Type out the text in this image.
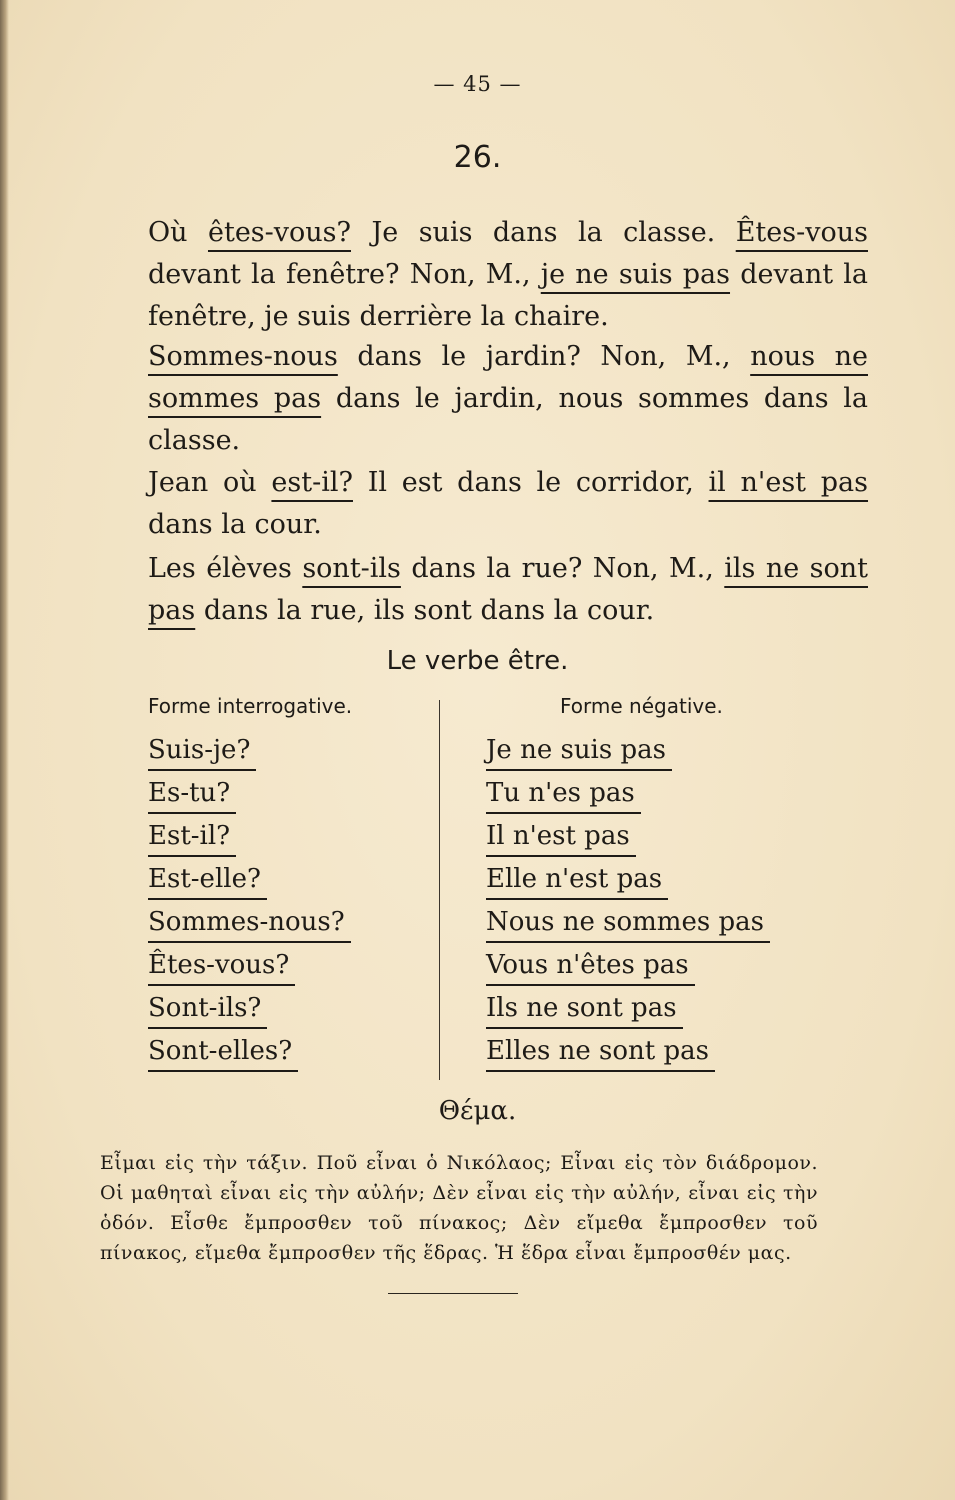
— 45 —
26.

Où êtes-vous? Je suis dans la classe. Êtes-vous devant la fenêtre? Non, M., je ne suis pas devant la fenêtre, je suis derrière la chaire.

Sommes-nous dans le jardin? Non, M., nous ne sommes pas dans le jardin, nous sommes dans la classe.

Jean où est-il? Il est dans le corridor, il n'est pas dans la cour.

Les élèves sont-ils dans la rue? Non, M., ils ne sont pas dans la rue, ils sont dans la cour.

Le verbe être.
Forme interrogative.	Forme négative.
Suis-je?
Es-tu?
Est-il?
Est-elle?
Sommes-nous?
Êtes-vous?
Sont-ils?
Sont-elles?
Je ne suis pas
Tu n'es pas
Il n'est pas
Elle n'est pas
Nous ne sommes pas
Vous n'êtes pas
Ils ne sont pas
Elles ne sont pas
Θέμα.

Εἶμαι εἰς τὴν τάξιν. Ποῦ εἶναι ὁ Νικόλαος; Εἶναι εἰς τὸν διάδρομον. Οἱ μαθηταὶ εἶναι εἰς τὴν αὐλήν; Δὲν εἶναι εἰς τὴν αὐλήν, εἶναι εἰς τὴν ὁδόν. Εἶσθε ἔμπροσθεν τοῦ πίνακος; Δὲν εἴμεθα ἔμπροσθεν τοῦ πίνακος, εἴμεθα ἔμπροσθεν τῆς ἕδρας. Ἡ ἕδρα εἶναι ἔμπροσθέν μας.
